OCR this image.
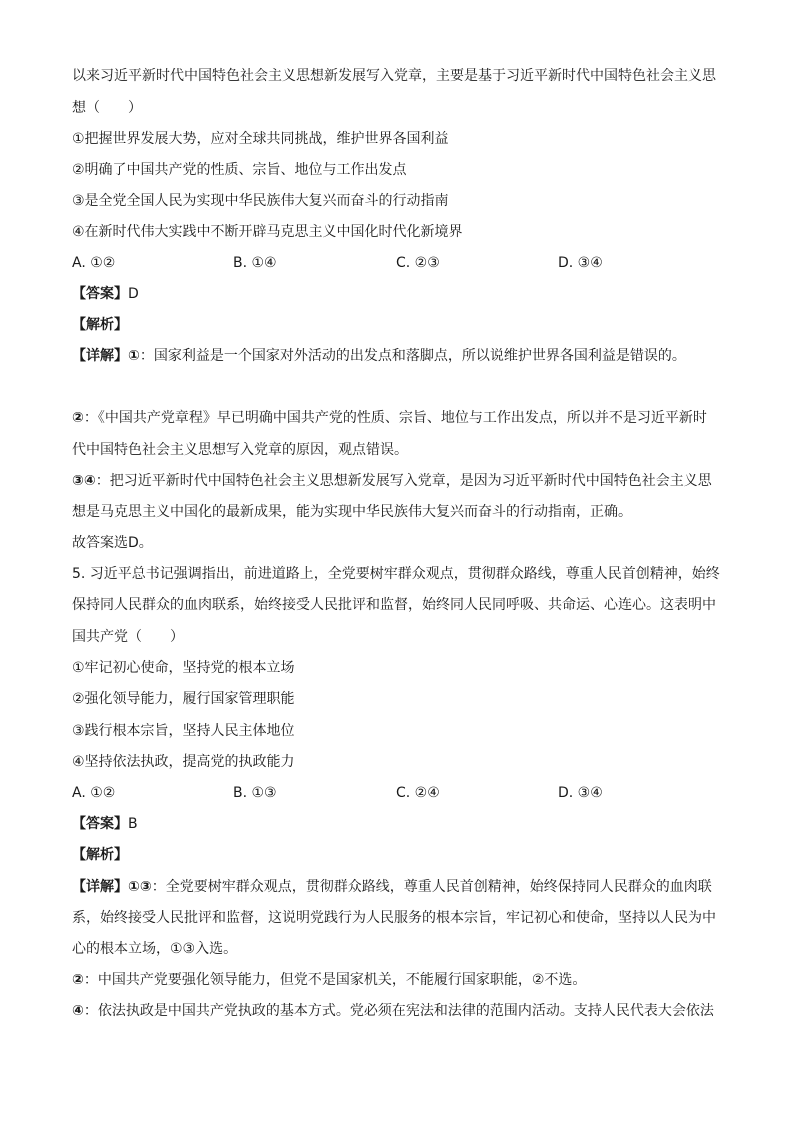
以来习近平新时代中国特色社会主义思想新发展写入党章，主要是基于习近平新时代中国特色社会主义思
想（　　）
①把握世界发展大势，应对全球共同挑战，维护世界各国利益
②明确了中国共产党的性质、宗旨、地位与工作出发点
③是全党全国人民为实现中华民族伟大复兴而奋斗的行动指南
④在新时代伟大实践中不断开辟马克思主义中国化时代化新境界
A. ①②	B. ①④	C. ②③	D. ③④
【答案】D
【解析】
【详解】①：国家利益是一个国家对外活动的出发点和落脚点，所以说维护世界各国利益是错误的。
②：《中国共产党章程》早已明确中国共产党的性质、宗旨、地位与工作出发点，所以并不是习近平新时
代中国特色社会主义思想写入党章的原因，观点错误。
③④：把习近平新时代中国特色社会主义思想新发展写入党章，是因为习近平新时代中国特色社会主义思
想是马克思主义中国化的最新成果，能为实现中华民族伟大复兴而奋斗的行动指南，正确。
故答案选D。
5. 习近平总书记强调指出，前进道路上，全党要树牢群众观点，贯彻群众路线，尊重人民首创精神，始终
保持同人民群众的血肉联系，始终接受人民批评和监督，始终同人民同呼吸、共命运、心连心。这表明中
国共产党（　　）
①牢记初心使命，坚持党的根本立场
②强化领导能力，履行国家管理职能
③践行根本宗旨，坚持人民主体地位
④坚持依法执政，提高党的执政能力
A. ①②	B. ①③	C. ②④	D. ③④
【答案】B
【解析】
【详解】①③：全党要树牢群众观点，贯彻群众路线，尊重人民首创精神，始终保持同人民群众的血肉联
系，始终接受人民批评和监督，这说明党践行为人民服务的根本宗旨，牢记初心和使命，坚持以人民为中
心的根本立场，①③入选。
②：中国共产党要强化领导能力，但党不是国家机关，不能履行国家职能，②不选。
④：依法执政是中国共产党执政的基本方式。党必须在宪法和法律的范围内活动。支持人民代表大会依法
